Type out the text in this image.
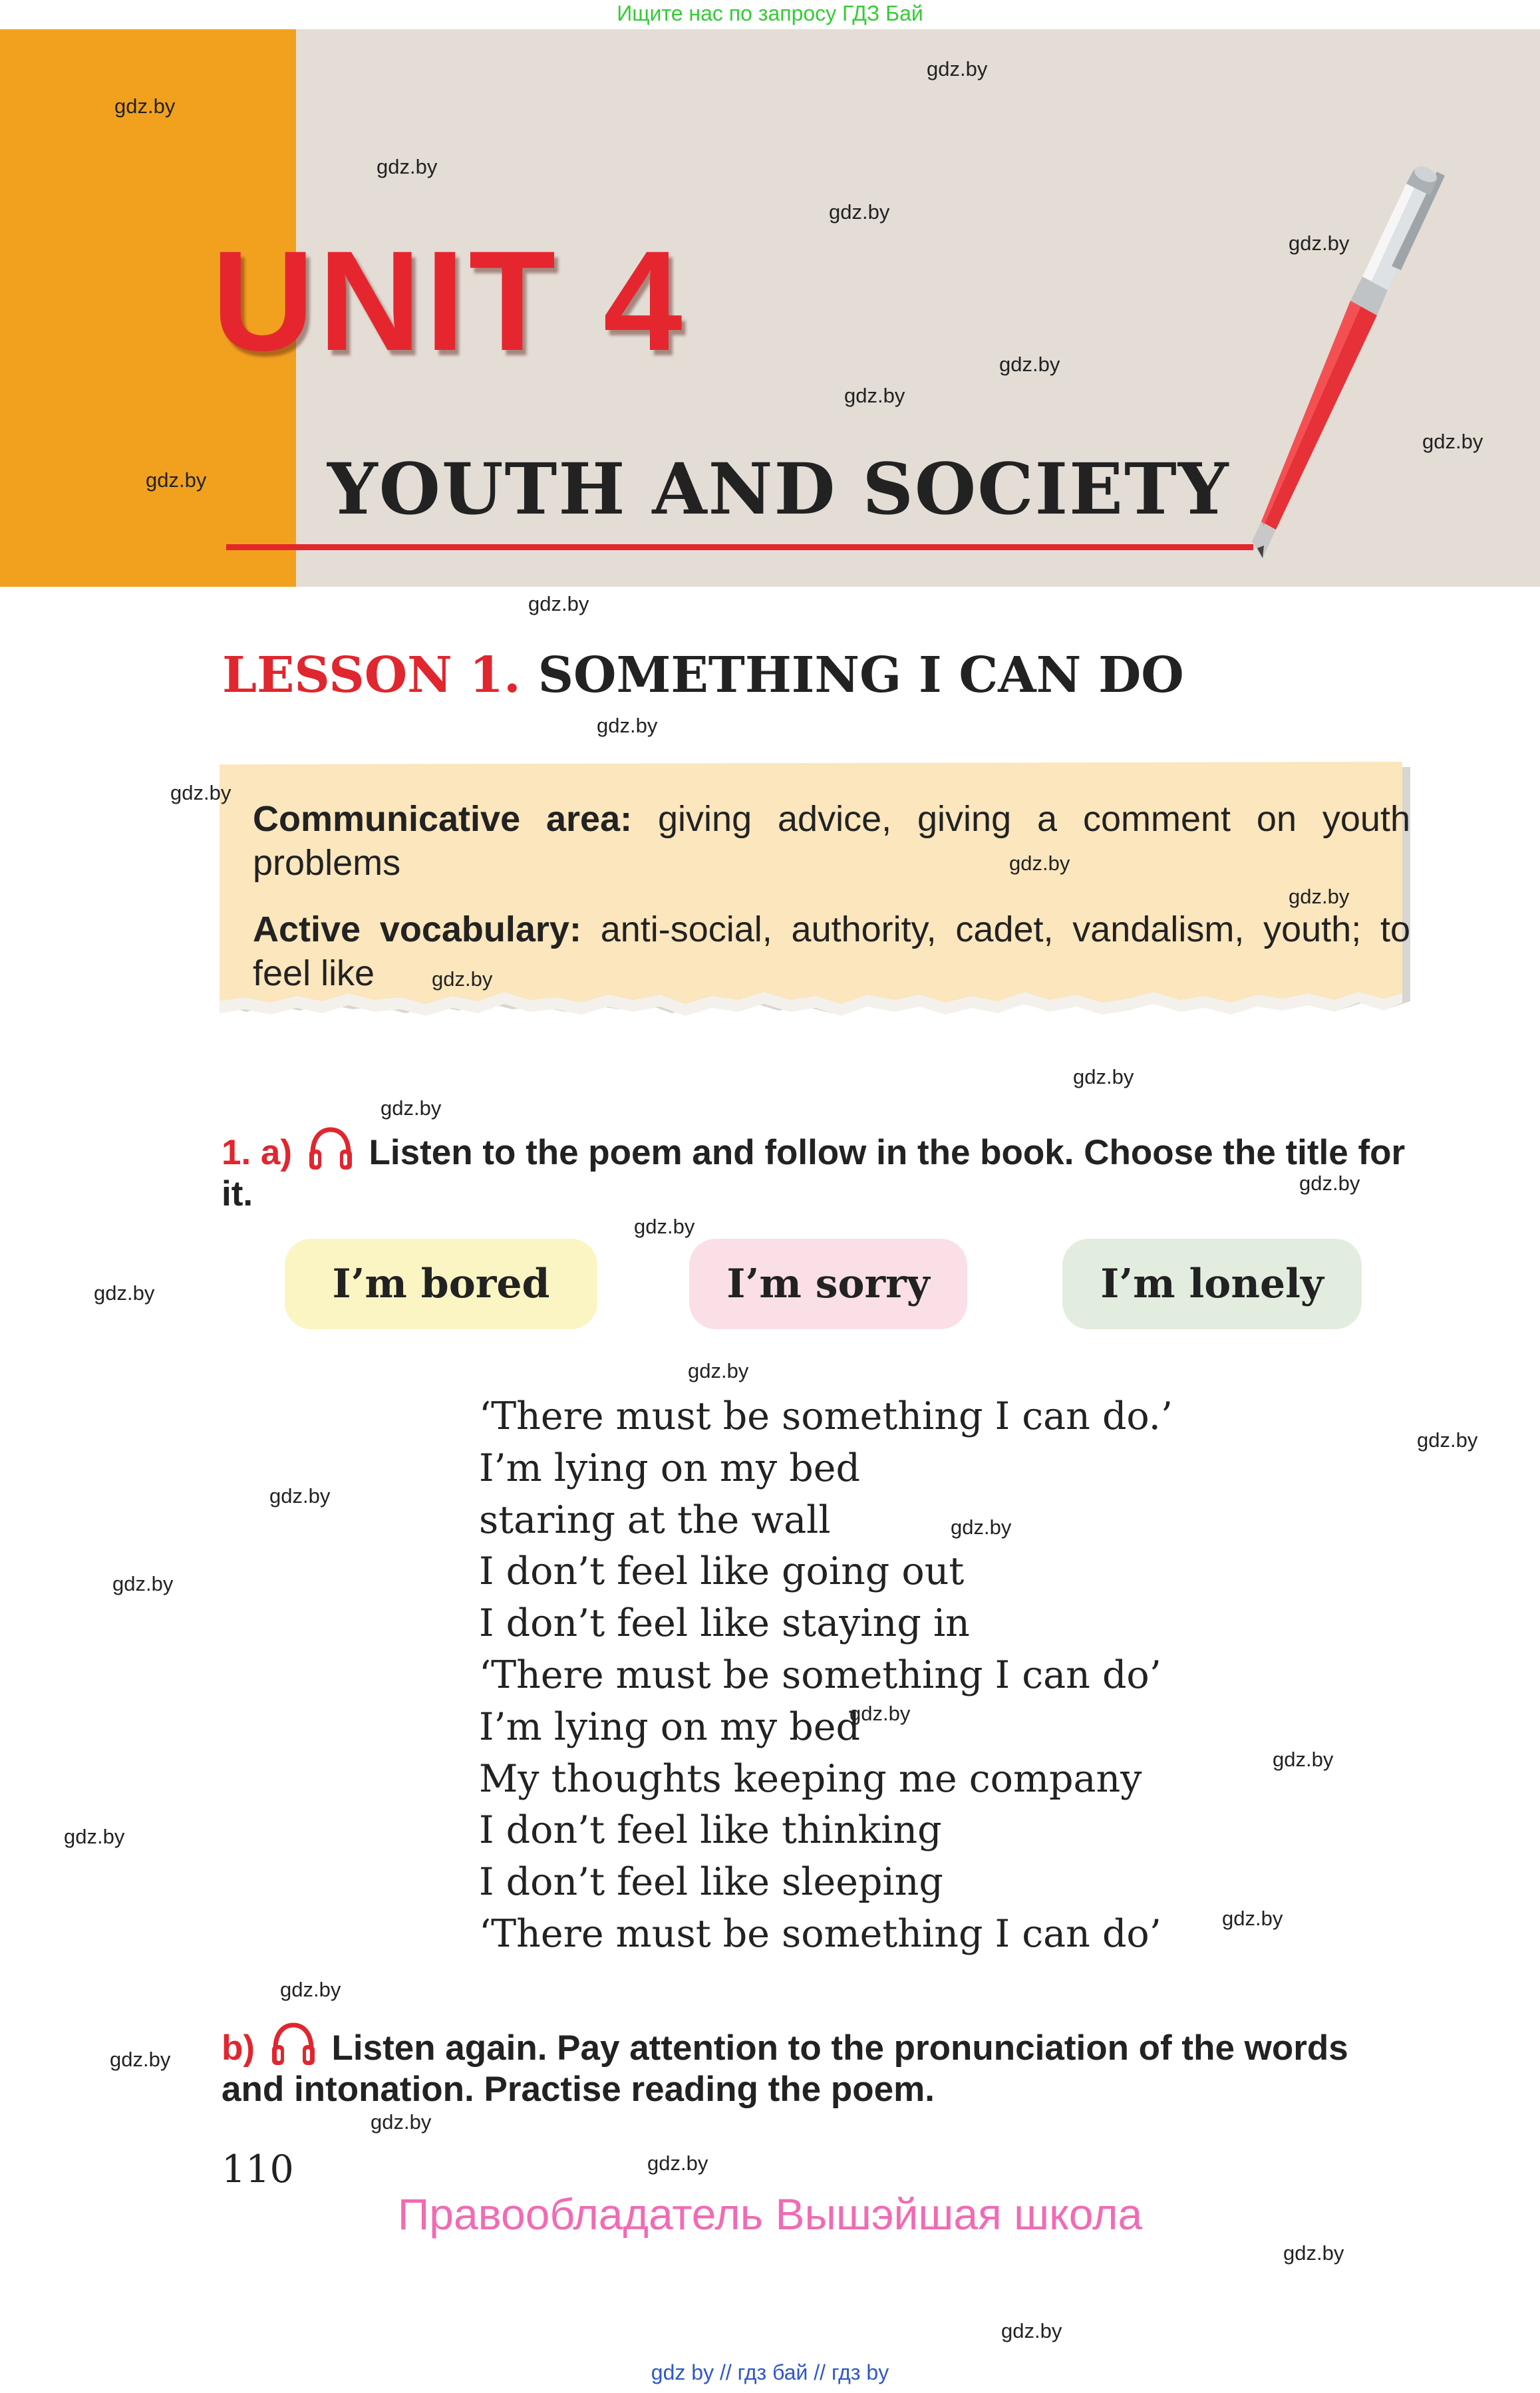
Ищите нас по запросу ГДЗ Бай
UNIT 4
YOUTH AND SOCIETY
LESSON 1. SOMETHING I CAN DO

Communicative area: giving advice, giving a comment on youth problems

Active vocabulary: anti-social, authority, cadet, vandalism, youth; to feel like

1. a) Listen to the poem and follow in the book. Choose the title for it.
I’m bored	I’m sorry	I’m lonely
‘There must be something I can do.’
I’m lying on my bed
staring at the wall
I don’t feel like going out
I don’t feel like staying in
‘There must be something I can do’
I’m lying on my bed
My thoughts keeping me company
I don’t feel like thinking
I don’t feel like sleeping
‘There must be something I can do’
b) Listen again. Pay attention to the pronunciation of the words and intonation. Practise reading the poem.
110
Правообладатель Вышэйшая школа
gdz.by
gdz.by
gdz.by
gdz.by
gdz.by
gdz.by
gdz.by
gdz.by
gdz.by
gdz.by
gdz.by
gdz.by
gdz.by
gdz.by
gdz.by
gdz.by
gdz.by
gdz.by
gdz.by
gdz.by
gdz.by
gdz.by
gdz.by
gdz.by
gdz.by
gdz.by
gdz.by
gdz.by
gdz.by
gdz.by
gdz.by
gdz.by
gdz.by
gdz.by
gdz.by
gdz by // гдз бай // гдз by
